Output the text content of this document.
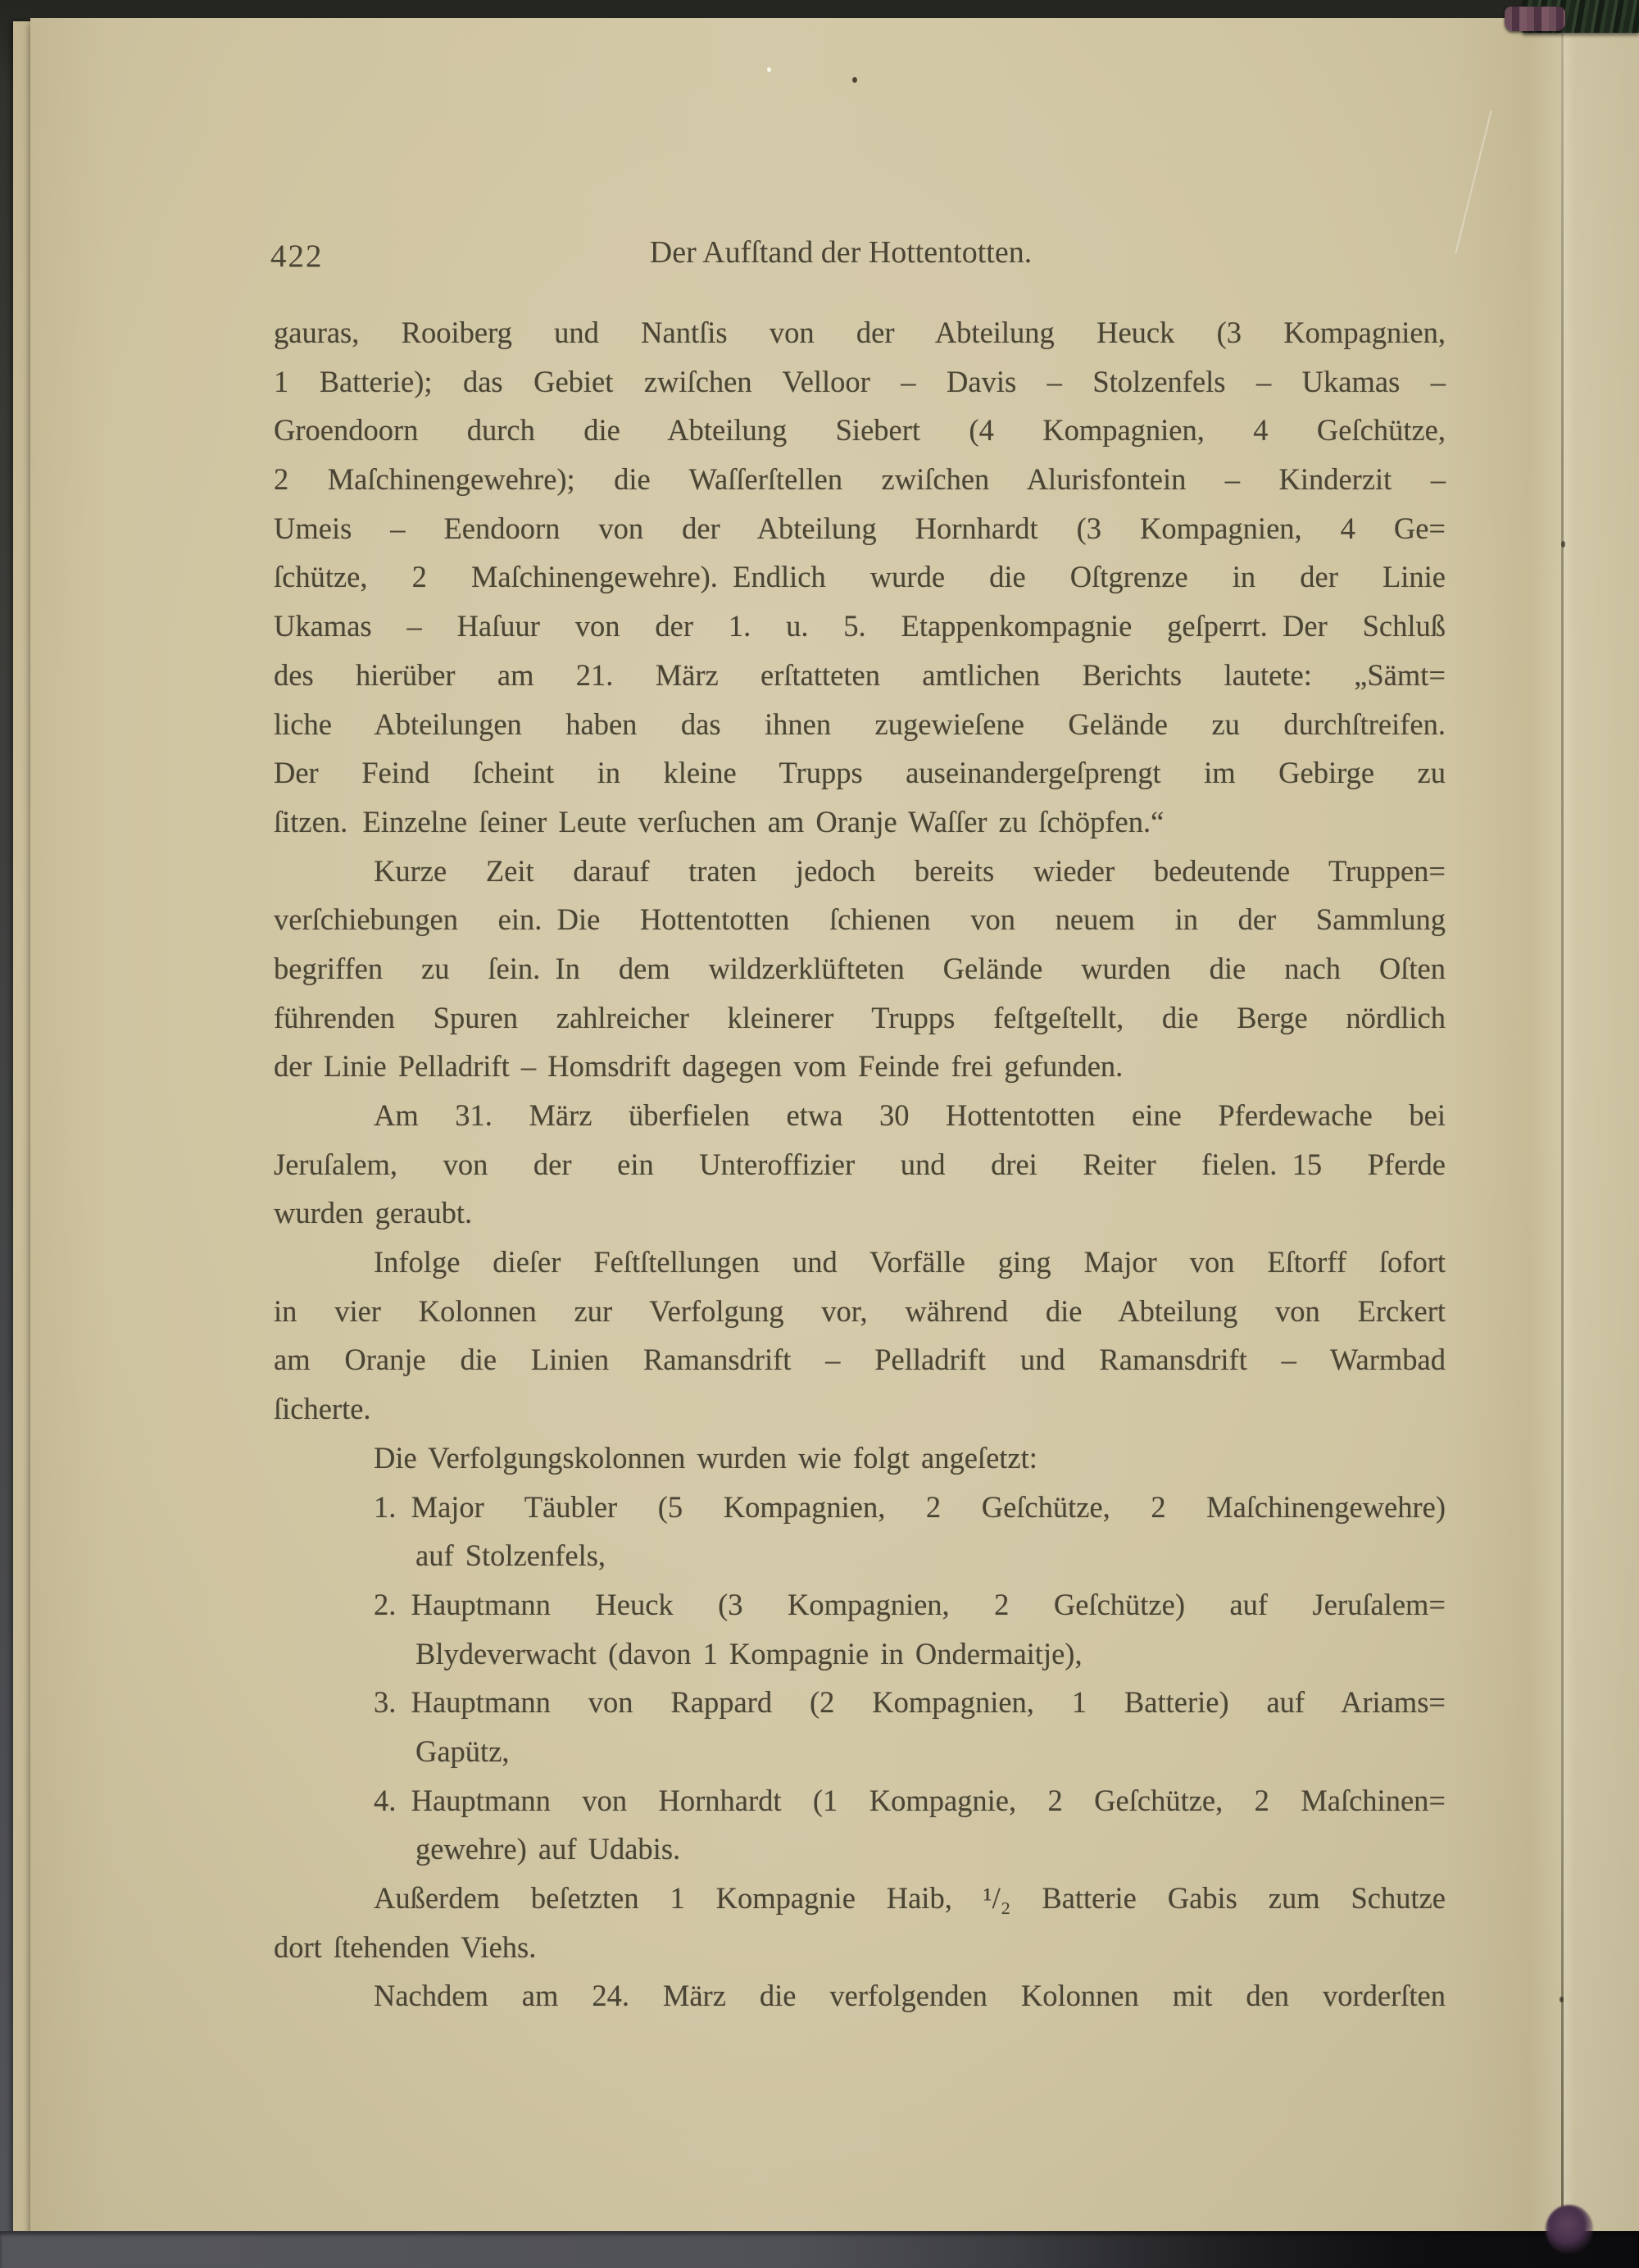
422	Der Aufſtand der Hottentotten.
gauras, Rooiberg und Nantſis von der Abteilung Heuck (3 Kompagnien,
1 Batterie); das Gebiet zwiſchen Velloor – Davis – Stolzenfels – Ukamas –
Groendoorn durch die Abteilung Siebert (4 Kompagnien, 4 Geſchütze,
2 Maſchinengewehre); die Waſſerſtellen zwiſchen Alurisfontein – Kinderzit –
Umeis – Eendoorn von der Abteilung Hornhardt (3 Kompagnien, 4 Ge=
ſchütze, 2 Maſchinengewehre). Endlich wurde die Oſtgrenze in der Linie
Ukamas – Haſuur von der 1. u. 5. Etappenkompagnie geſperrt. Der Schluß
des hierüber am 21. März erſtatteten amtlichen Berichts lautete: „Sämt=
liche Abteilungen haben das ihnen zugewieſene Gelände zu durchſtreifen.
Der Feind ſcheint in kleine Trupps auseinandergeſprengt im Gebirge zu
ſitzen. Einzelne ſeiner Leute verſuchen am Oranje Waſſer zu ſchöpfen.“
Kurze Zeit darauf traten jedoch bereits wieder bedeutende Truppen=
verſchiebungen ein. Die Hottentotten ſchienen von neuem in der Sammlung
begriffen zu ſein. In dem wildzerklüfteten Gelände wurden die nach Oſten
führenden Spuren zahlreicher kleinerer Trupps feſtgeſtellt, die Berge nördlich
der Linie Pelladrift – Homsdrift dagegen vom Feinde frei gefunden.
Am 31. März überfielen etwa 30 Hottentotten eine Pferdewache bei
Jeruſalem, von der ein Unteroffizier und drei Reiter fielen. 15 Pferde
wurden geraubt.
Infolge dieſer Feſtſtellungen und Vorfälle ging Major von Eſtorff ſofort
in vier Kolonnen zur Verfolgung vor, während die Abteilung von Erckert
am Oranje die Linien Ramansdrift – Pelladrift und Ramansdrift – Warmbad
ſicherte.
Die Verfolgungskolonnen wurden wie folgt angeſetzt:
1. Major Täubler (5 Kompagnien, 2 Geſchütze, 2 Maſchinengewehre)
auf Stolzenfels,
2. Hauptmann Heuck (3 Kompagnien, 2 Geſchütze) auf Jeruſalem=
Blydeverwacht (davon 1 Kompagnie in Ondermaitje),
3. Hauptmann von Rappard (2 Kompagnien, 1 Batterie) auf Ariams=
Gapütz,
4. Hauptmann von Hornhardt (1 Kompagnie, 2 Geſchütze, 2 Maſchinen=
gewehre) auf Udabis.
Außerdem beſetzten 1 Kompagnie Haib, ¹/₂ Batterie Gabis zum Schutze
dort ſtehenden Viehs.
Nachdem am 24. März die verfolgenden Kolonnen mit den vorderſten
